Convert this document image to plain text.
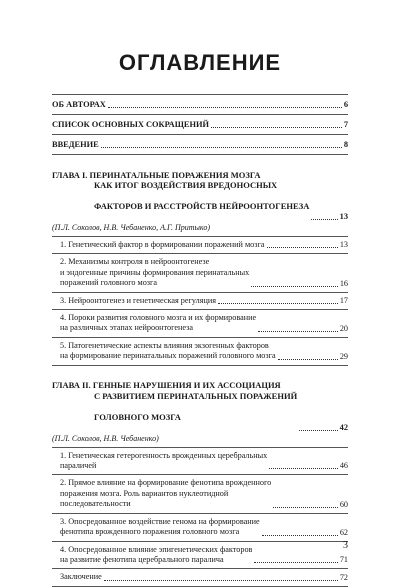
ОГЛАВЛЕНИЕ
ОБ АВТОРАХ	6
СПИСОК ОСНОВНЫХ СОКРАЩЕНИЙ	7
ВВЕДЕНИЕ	8

ГЛАВА I. ПЕРИНАТАЛЬНЫЕ ПОРАЖЕНИЯ МОЗГА

КАК ИТОГ ВОЗДЕЙСТВИЯ ВРЕДОНОСНЫХ

ФАКТОРОВ И РАССТРОЙСТВ НЕЙРООНТОГЕНЕЗА

13
(П.Л. Соколов, Н.В. Чебаненко, А.Г. Притыко)
1. Генетический фактор в формировании поражений мозга	13
2. Механизмы контроля в нейроонтогенезе
и эндогенные причины формирования перинатальных
поражений головного мозга	16
3. Нейроонтогенез и генетическая регуляция	17
4. Пороки развития головного мозга и их формирование
на различных этапах нейроонтогенеза	20
5. Патогенетические аспекты влияния экзогенных факторов
на формирование перинатальных поражений головного мозга	29

ГЛАВА II. ГЕННЫЕ НАРУШЕНИЯ И ИХ АССОЦИАЦИЯ

С РАЗВИТИЕМ ПЕРИНАТАЛЬНЫХ ПОРАЖЕНИЙ

ГОЛОВНОГО МОЗГА

42
(П.Л. Соколов, Н.В. Чебаненко)
1. Генетическая гетерогенность врожденных церебральных
параличей	46
2. Прямое влияние на формирование фенотипа врожденного
поражения мозга. Роль вариантов нуклеотидной
последовательности	60
3. Опосредованное воздействие генома на формирование
фенотипа врожденного поражения головного мозга	62
4. Опосредованное влияние эпигенетических факторов
на развитие фенотипа церебрального паралича	71
Заключение	72
3
